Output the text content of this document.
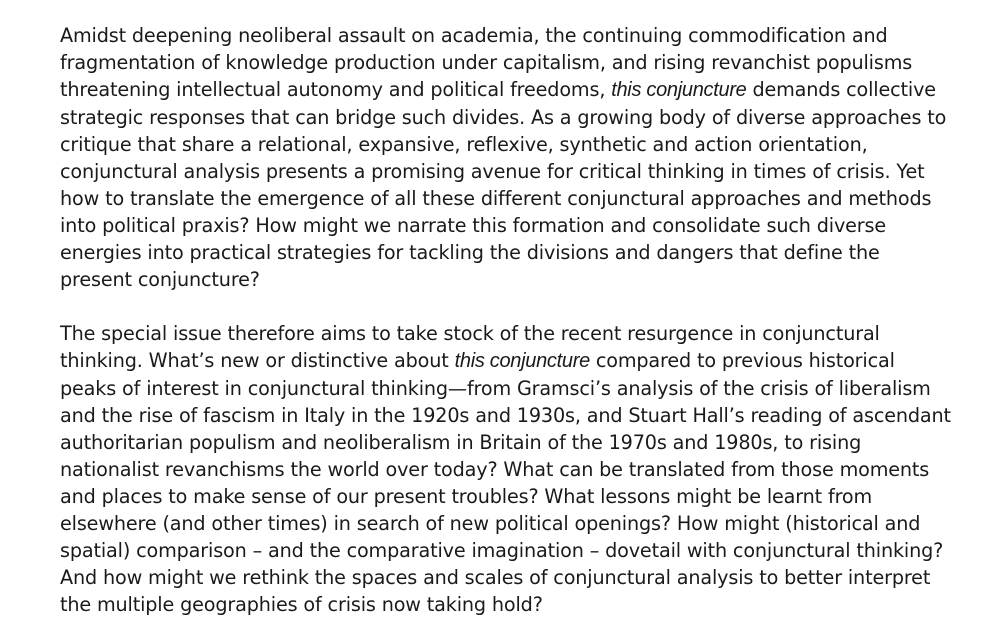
Amidst deepening neoliberal assault on academia, the continuing commodification and
fragmentation of knowledge production under capitalism, and rising revanchist populisms
threatening intellectual autonomy and political freedoms, this conjuncture demands collective
strategic responses that can bridge such divides. As a growing body of diverse approaches to
critique that share a relational, expansive, reflexive, synthetic and action orientation,
conjunctural analysis presents a promising avenue for critical thinking in times of crisis. Yet
how to translate the emergence of all these different conjunctural approaches and methods
into political praxis? How might we narrate this formation and consolidate such diverse
energies into practical strategies for tackling the divisions and dangers that define the
present conjuncture?

The special issue therefore aims to take stock of the recent resurgence in conjunctural
thinking. What’s new or distinctive about this conjuncture compared to previous historical
peaks of interest in conjunctural thinking—from Gramsci’s analysis of the crisis of liberalism
and the rise of fascism in Italy in the 1920s and 1930s, and Stuart Hall’s reading of ascendant
authoritarian populism and neoliberalism in Britain of the 1970s and 1980s, to rising
nationalist revanchisms the world over today? What can be translated from those moments
and places to make sense of our present troubles? What lessons might be learnt from
elsewhere (and other times) in search of new political openings? How might (historical and
spatial) comparison – and the comparative imagination – dovetail with conjunctural thinking?
And how might we rethink the spaces and scales of conjunctural analysis to better interpret
the multiple geographies of crisis now taking hold?
